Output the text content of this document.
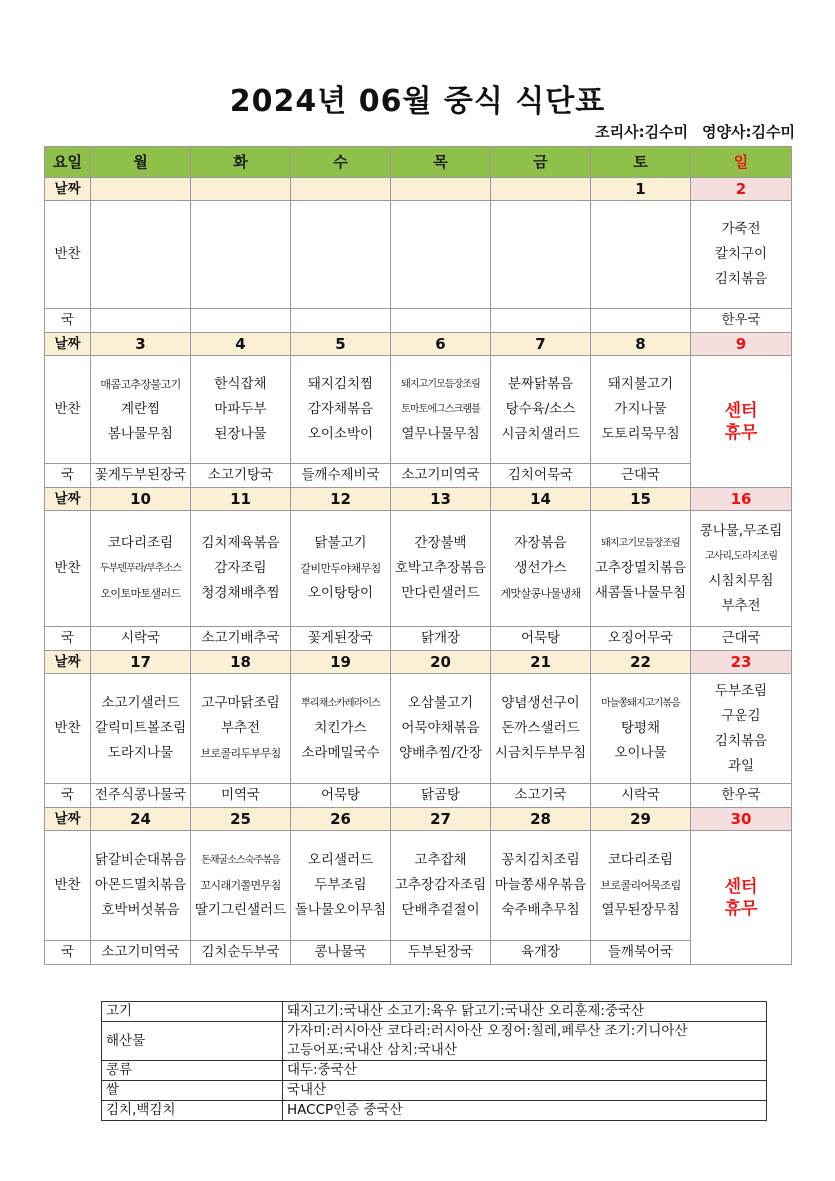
2024년 06월 중식 식단표
조리사:김수미 영양사:김수미
요일	월	화	수	목	금	토	일
날짜						1	2
반찬							가죽전
칼치구이
김치볶음

국							한우국
날짜	3	4	5	6	7	8	9
반찬	매콤고추장불고기
계란찜
봄나물무침	한식잡채
마파두부
된장나물	돼지김치찜
감자채볶음
오이소박이	돼지고기모듬장조림
토마토에그스크램블
열무나물무침	분짜닭볶음
탕수육/소스
시금치샐러드	돼지불고기
가지나물
도토리묵무침	센터
휴무

국	꽃게두부된장국	소고기탕국	들깨수제비국	소고기미역국	김치어묵국	근대국	
날짜	10	11	12	13	14	15	16
반찬	코다리조림
두부덴푸라/부추소스
오이토마토샐러드	김치제육볶음
감자조림
청경채배추찜	닭불고기
갈비만두야채무침
오이탕탕이	간장불백
호박고추장볶음
만다린샐러드	자장볶음
생선가스
게맛살콩나물냉채	돼지고기모듬장조림
고추장멸치볶음
새콤돌나물무침	콩나물,무조림
고사리,도라지조림
시침치무침
부추전

국	시락국	소고기배추국	꽃게된장국	닭개장	어묵탕	오징어무국	근대국
날짜	17	18	19	20	21	22	23
반찬	소고기샐러드
갈릭미트볼조림
도라지나물	고구마닭조림
부추전
브로콜리두부무침	뿌리채소카레라이스
치킨가스
소라메밀국수	오삼불고기
어묵야채볶음
양배추찜/간장	양념생선구이
돈까스샐러드
시금치두부무침	마늘쫑돼지고기볶음
탕평채
오이나물	두부조림
구운김
김치볶음
과일

국	전주식콩나물국	미역국	어묵탕	닭곰탕	소고기국	시락국	한우국
날짜	24	25	26	27	28	29	30
반찬	닭갈비순대볶음
아몬드멸치볶음
호박버섯볶음	돈채굴소스숙주볶음
꼬시래기쫄면무침
딸기그린샐러드	오리샐러드
두부조림
돌나물오이무침	고추잡채
고추장감자조림
단배추겉절이	꽁치김치조림
마늘쫑새우볶음
숙주배추무침	코다리조림
브로콜리어묵조림
열무된장무침	센터
휴무

국	소고기미역국	김치순두부국	콩나물국	두부된장국	육개장	들깨북어국	
고기	돼지고기:국내산 소고기:육우 닭고기:국내산 오리훈제:중국산

해산물	가자미:러시아산 코다리:러시아산 오징어:칠레,페루산 조기:기니아산
고등어포:국내산 삼치:국내산

콩류	대두:중국산

쌀	국내산

김치,백김치	HACCP인증 중국산
